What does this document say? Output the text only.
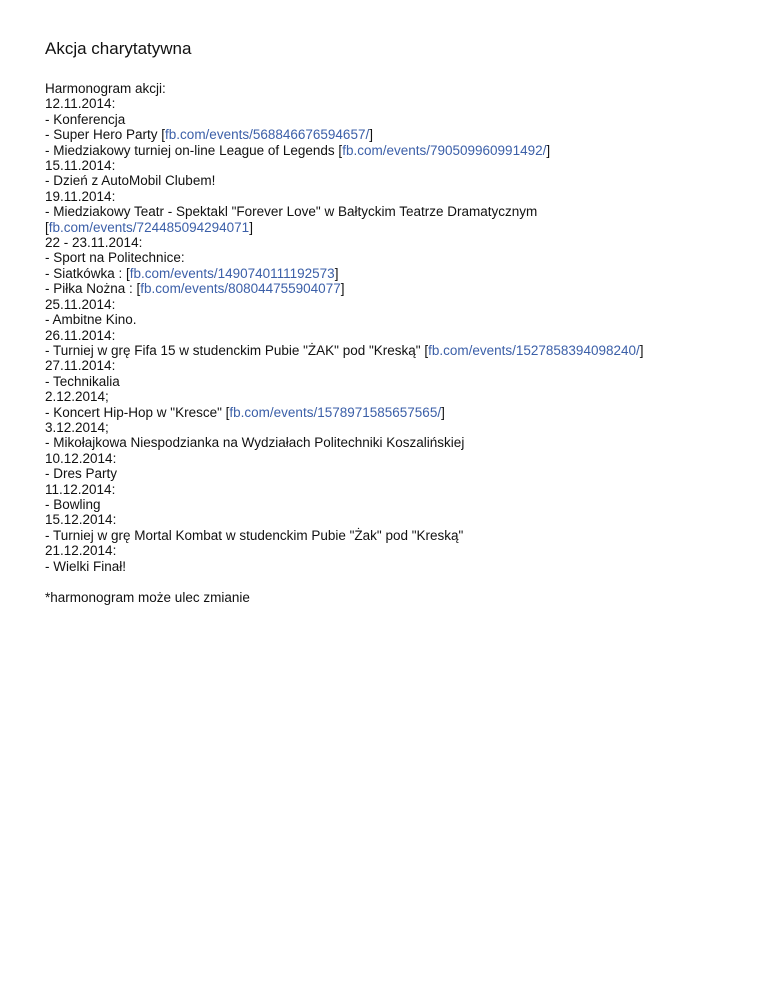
Akcja charytatywna
Harmonogram akcji:
12.11.2014:
- Konferencja
- Super Hero Party [fb.com/events/568846676594657/]
- Miedziakowy turniej on-line League of Legends [fb.com/events/790509960991492/]
15.11.2014:
- Dzień z AutoMobil Clubem!
19.11.2014:
- Miedziakowy Teatr - Spektakl "Forever Love" w Bałtyckim Teatrze Dramatycznym [fb.com/events/724485094294071]
22 - 23.11.2014:
- Sport na Politechnice:
- Siatkówka : [fb.com/events/1490740111192573]
- Piłka Nożna : [fb.com/events/808044755904077]
25.11.2014:
- Ambitne Kino.
26.11.2014:
- Turniej w grę Fifa 15 w studenckim Pubie "ŻAK" pod "Kreską" [fb.com/events/1527858394098240/]
27.11.2014:
- Technikalia
2.12.2014;
- Koncert Hip-Hop w "Kresce" [fb.com/events/1578971585657565/]
3.12.2014;
- Mikołajkowa Niespodzianka na Wydziałach Politechniki Koszalińskiej
10.12.2014:
- Dres Party
11.12.2014:
- Bowling
15.12.2014:
- Turniej w grę Mortal Kombat w studenckim Pubie "Żak" pod "Kreską"
21.12.2014:
- Wielki Finał!
*harmonogram może ulec zmianie
